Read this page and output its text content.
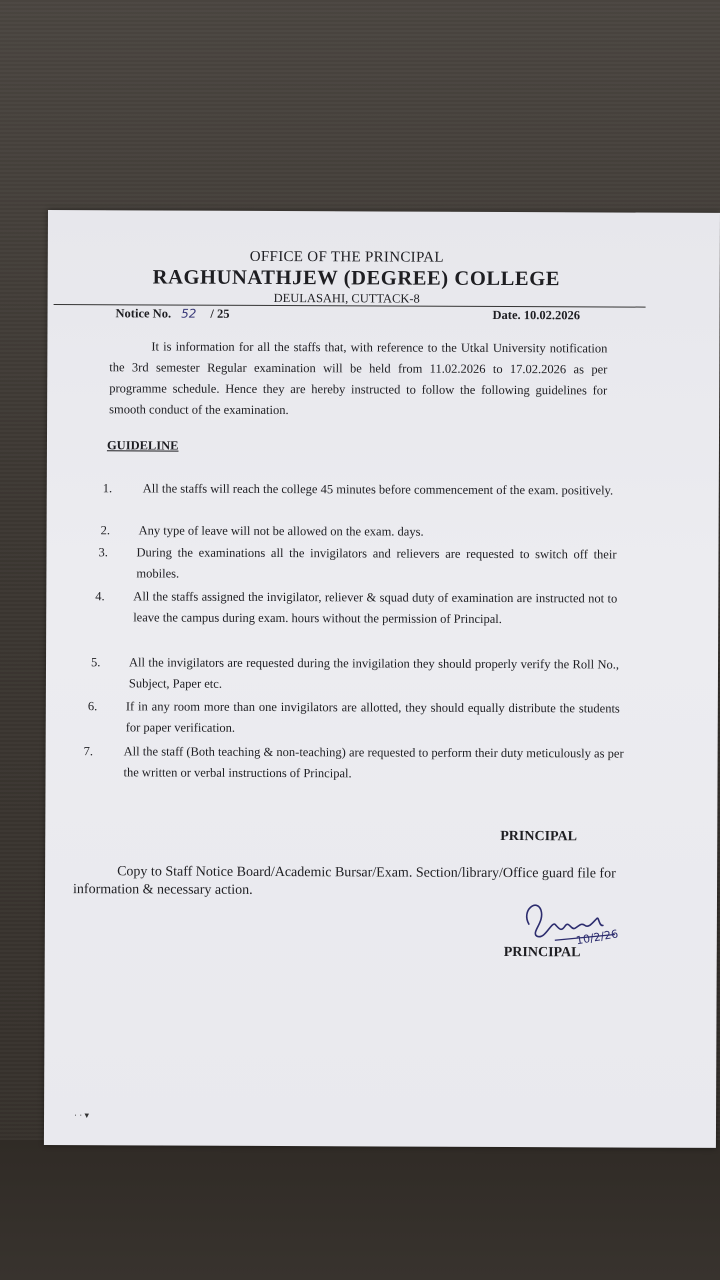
OFFICE OF THE PRINCIPAL
RAGHUNATHJEW (DEGREE) COLLEGE
DEULASAHI, CUTTACK-8
Notice No. 52 / 25	Date. 10.02.2026
It is information for all the staffs that, with reference to the Utkal University notification the 3rd semester Regular examination will be held from 11.02.2026 to 17.02.2026 as per programme schedule. Hence they are hereby instructed to follow the following guidelines for smooth conduct of the examination.
GUIDELINE
1.	All the staffs will reach the college 45 minutes before commencement of the exam. positively.
2.	Any type of leave will not be allowed on the exam. days.
3.	During the examinations all the invigilators and relievers are requested to switch off their mobiles.
4.	All the staffs assigned the invigilator, reliever & squad duty of examination are instructed not to leave the campus during exam. hours without the permission of Principal.
5.	All the invigilators are requested during the invigilation they should properly verify the Roll No., Subject, Paper etc.
6.	If in any room more than one invigilators are allotted, they should equally distribute the students for paper verification.
7.	All the staff (Both teaching & non-teaching) are requested to perform their duty meticulously as per the written or verbal instructions of Principal.
PRINCIPAL
Copy to Staff Notice Board/Academic Bursar/Exam. Section/library/Office guard file for information & necessary action.
10/2/26
PRINCIPAL
· · ▾
